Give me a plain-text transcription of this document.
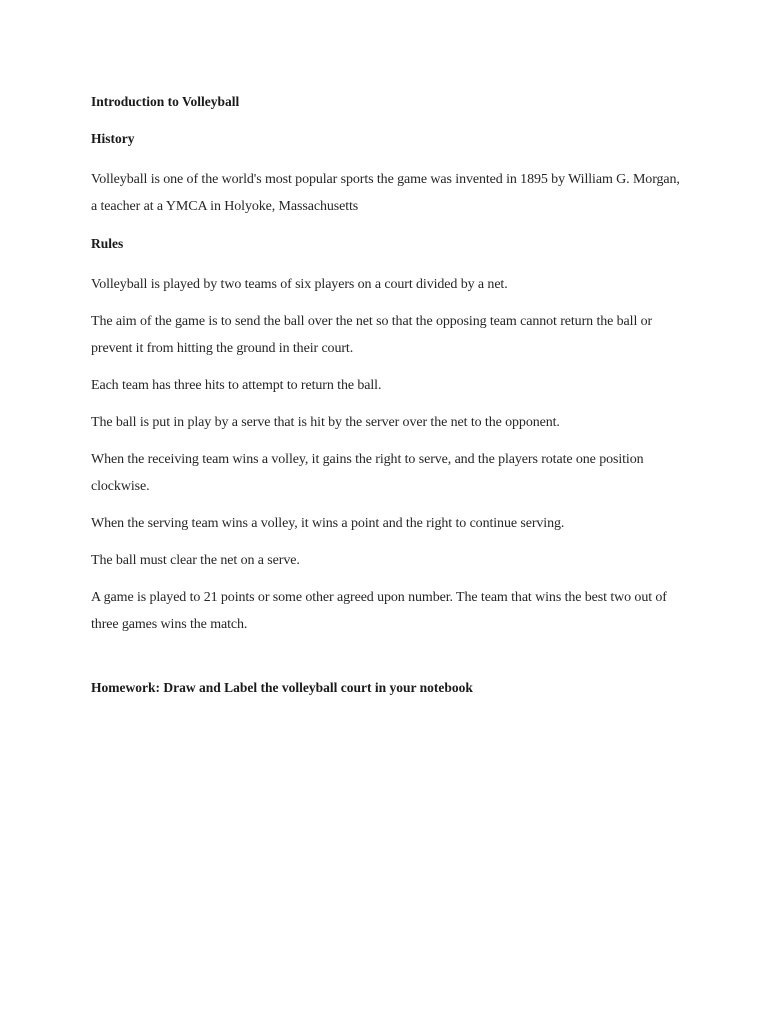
Introduction to Volleyball

History

Volleyball is one of the world's most popular sports the game was invented in 1895 by William G. Morgan, a teacher at a YMCA in Holyoke, Massachusetts

Rules

Volleyball is played by two teams of six players on a court divided by a net.

The aim of the game is to send the ball over the net so that the opposing team cannot return the ball or prevent it from hitting the ground in their court.

Each team has three hits to attempt to return the ball.

The ball is put in play by a serve that is hit by the server over the net to the opponent.

When the receiving team wins a volley, it gains the right to serve, and the players rotate one position clockwise.

When the serving team wins a volley, it wins a point and the right to continue serving.

The ball must clear the net on a serve.

A game is played to 21 points or some other agreed upon number. The team that wins the best two out of three games wins the match.

Homework: Draw and Label the volleyball court in your notebook
